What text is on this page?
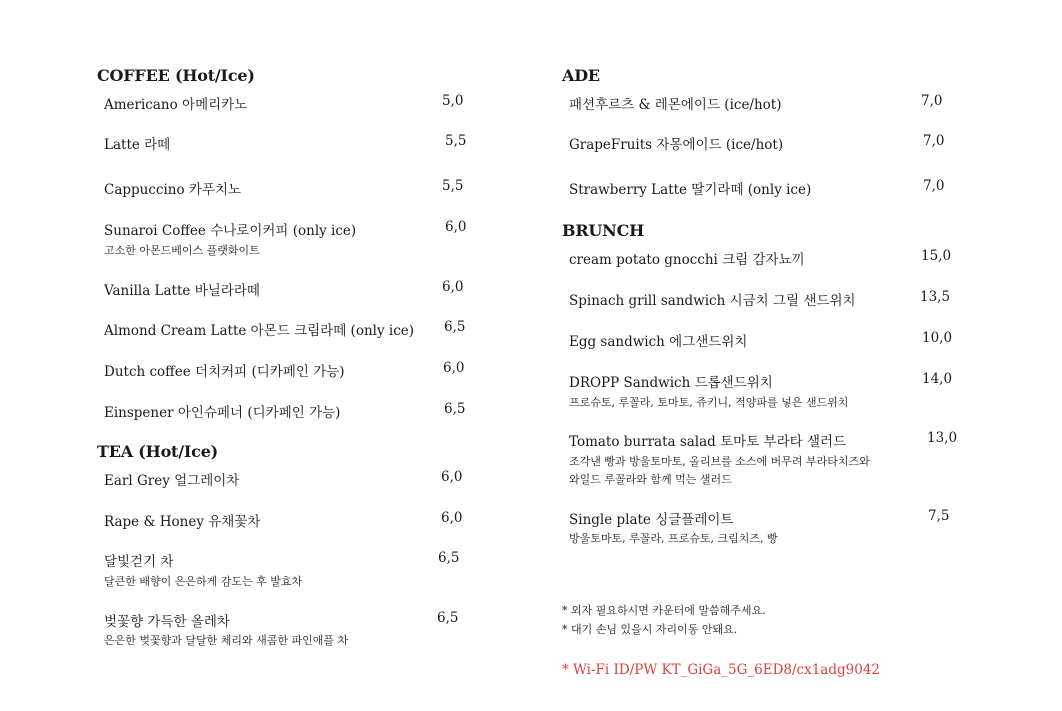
COFFEE (Hot/Ice)
Americano 아메리카노	5,0
Latte 라떼	5,5
Cappuccino 카푸치노	5,5
Sunaroi Coffee 수나로이커피 (only ice)	6,0
고소한 아몬드베이스 플랫화이트
Vanilla Latte 바닐라라떼	6,0
Almond Cream Latte 아몬드 크림라떼 (only ice) 6,5
Dutch coffee 더치커피 (디카페인 가능)	6,0
Einspener 아인슈페너 (디카페인 가능)	6,5
TEA (Hot/Ice)
Earl Grey 얼그레이차	6,0
Rape & Honey 유채꽃차	6,0
달빛걷기 차	6,5
달큰한 배향이 은은하게 감도는 후 발효차
벚꽃향 가득한 올레차	6,5
은은한 벚꽃향과 달달한 체리와 새콤한 파인애플 차
ADE
패션후르츠 & 레몬에이드 (ice/hot)	7,0
GrapeFruits 자몽에이드 (ice/hot)	7,0
Strawberry Latte 딸기라떼 (only ice)	7,0
BRUNCH
cream potato gnocchi 크림 감자뇨끼	15,0
Spinach grill sandwich 시금치 그릴 샌드위치	13,5
Egg sandwich 에그샌드위치	10,0
DROPP Sandwich 드롭샌드위치	14,0
프로슈토, 루꼴라, 토마토, 쥬키니, 적양파를 넣은 샌드위치
Tomato burrata salad 토마토 부라타 샐러드	13,0
조각낸 빵과 방울토마토, 올리브를 소스에 버무려 부라타치즈와
와일드 루꼴라와 함께 먹는 샐러드
Single plate 싱글플레이트	7,5
방울토마토, 루꼴라, 프로슈토, 크림치즈, 빵
* 외자 필요하시면 카운터에 말씀해주세요.
* 대기 손님 있을시 자리이동 안돼요.
* Wi-Fi ID/PW KT_GiGa_5G_6ED8/cx1adg9042
